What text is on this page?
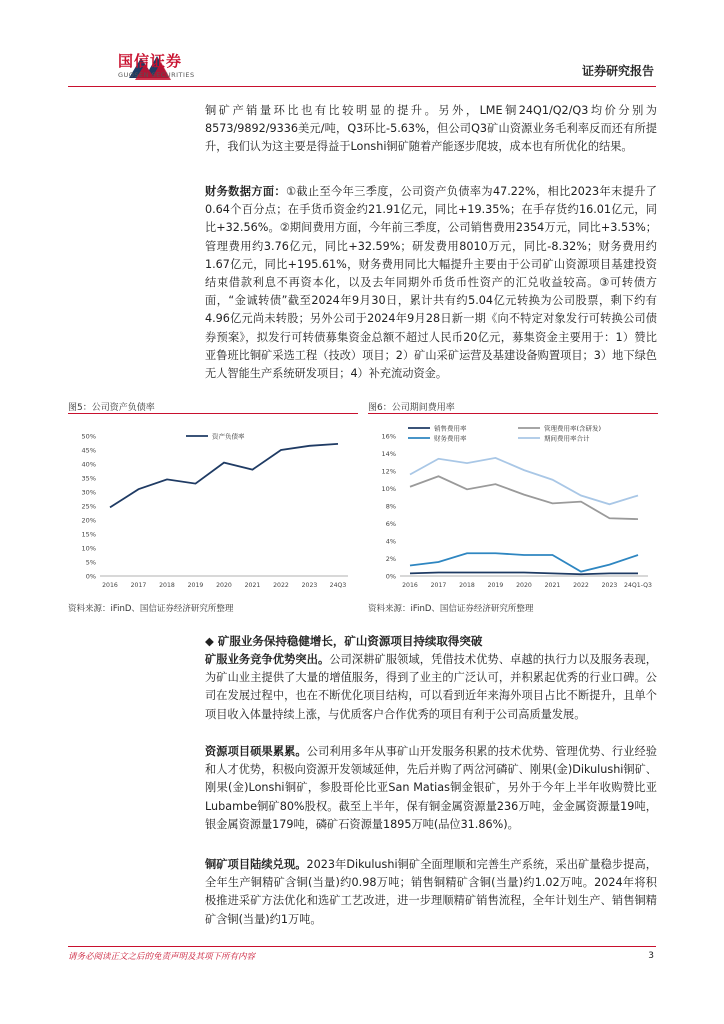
国信证券
GUOSEN SECURITIES	证券研究报告

铜矿产销量环比也有比较明显的提升。另外，LME铜24Q1/Q2/Q3均价分别为8573/9892/9336美元/吨，Q3环比-5.63%，但公司Q3矿山资源业务毛利率反而还有所提升，我们认为这主要是得益于Lonshi铜矿随着产能逐步爬坡，成本也有所优化的结果。

财务数据方面：①截止至今年三季度，公司资产负债率为47.22%，相比2023年末提升了0.64个百分点；在手货币资金约21.91亿元，同比+19.35%；在手存货约16.01亿元，同比+32.56%。②期间费用方面，今年前三季度，公司销售费用2354万元，同比+3.53%；管理费用约3.76亿元，同比+32.59%；研发费用8010万元，同比-8.32%；财务费用约1.67亿元，同比+195.61%，财务费用同比大幅提升主要由于公司矿山资源项目基建投资结束借款利息不再资本化，以及去年同期外币货币性资产的汇兑收益较高。③可转债方面，“金诚转债”截至2024年9月30日，累计共有约5.04亿元转换为公司股票，剩下约有4.96亿元尚未转股；另外公司于2024年9月28日新一期《向不特定对象发行可转换公司债券预案》，拟发行可转债募集资金总额不超过人民币20亿元，募集资金主要用于：1）赞比亚鲁班比铜矿采选工程（技改）项目；2）矿山采矿运营及基建设备购置项目；3）地下绿色无人智能生产系统研发项目；4）补充流动资金。

图5：公司资产负债率
0%
5%
10%
15%
20%
25%
30%
35%
40%
45%
50%
2016 2017 2018 2019 2020 2021 2022 2023 24Q3
资产负债率
资料来源：iFinD、国信证券经济研究所整理
图6：公司期间费用率
0%
2%
4%
6%
8%
10%
12%
14%
16%
2016 2017 2018 2019 2020 2021 2022 2023 24Q1-Q3
销售费用率	管理费用率(含研发)
财务费用率	期间费用率合计
资料来源：iFinD、国信证券经济研究所整理
◆ 矿服业务保持稳健增长，矿山资源项目持续取得突破

矿服业务竞争优势突出。公司深耕矿服领域，凭借技术优势、卓越的执行力以及服务表现，为矿山业主提供了大量的增值服务，得到了业主的广泛认可，并积累起优秀的行业口碑。公司在发展过程中，也在不断优化项目结构，可以看到近年来海外项目占比不断提升，且单个项目收入体量持续上涨，与优质客户合作优秀的项目有利于公司高质量发展。

资源项目硕果累累。公司利用多年从事矿山开发服务积累的技术优势、管理优势、行业经验和人才优势，积极向资源开发领域延伸，先后并购了两岔河磷矿、刚果(金)Dikulushi铜矿、刚果(金)Lonshi铜矿，参股哥伦比亚San Matias铜金银矿，另外于今年上半年收购赞比亚Lubambe铜矿80%股权。截至上半年，保有铜金属资源量236万吨，金金属资源量19吨，银金属资源量179吨，磷矿石资源量1895万吨(品位31.86%)。

铜矿项目陆续兑现。2023年Dikulushi铜矿全面理顺和完善生产系统，采出矿量稳步提高，全年生产铜精矿含铜(当量)约0.98万吨；销售铜精矿含铜(当量)约1.02万吨。2024年将积极推进采矿方法优化和选矿工艺改进，进一步理顺精矿销售流程，全年计划生产、销售铜精矿含铜(当量)约1万吨。

请务必阅读正文之后的免责声明及其项下所有内容	3
